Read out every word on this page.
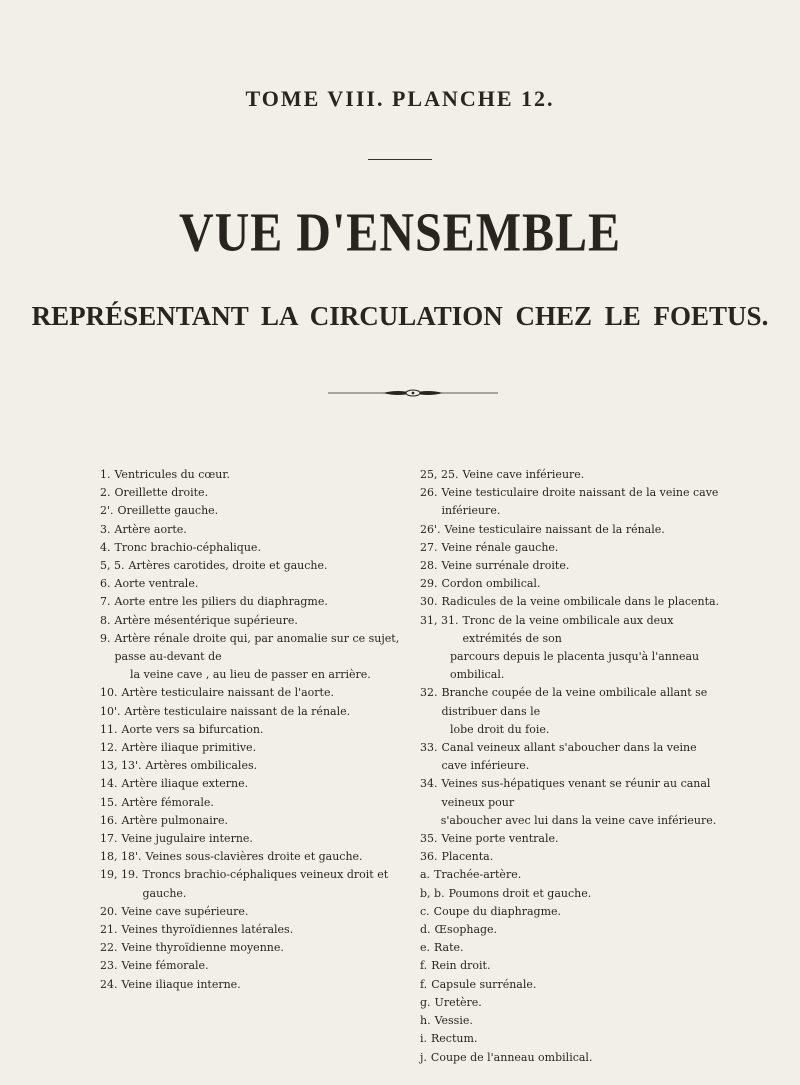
TOME VIII. PLANCHE 12.
VUE D'ENSEMBLE
REPRÉSENTANT LA CIRCULATION CHEZ LE FOETUS.
1. Ventricules du cœur.
2. Oreillette droite.
2'. Oreillette gauche.
3. Artère aorte.
4. Tronc brachio-céphalique.
5, 5. Artères carotides, droite et gauche.
6. Aorte ventrale.
7. Aorte entre les piliers du diaphragme.
8. Artère mésentérique supérieure.
9. Artère rénale droite qui, par anomalie sur ce sujet, passe au-devant de
la veine cave , au lieu de passer en arrière.
10. Artère testiculaire naissant de l'aorte.
10'. Artère testiculaire naissant de la rénale.
11. Aorte vers sa bifurcation.
12. Artère iliaque primitive.
13, 13'. Artères ombilicales.
14. Artère iliaque externe.
15. Artère fémorale.
16. Artère pulmonaire.
17. Veine jugulaire interne.
18, 18'. Veines sous-clavières droite et gauche.
19, 19. Troncs brachio-céphaliques veineux droit et gauche.
20. Veine cave supérieure.
21. Veines thyroïdiennes latérales.
22. Veine thyroïdienne moyenne.
23. Veine fémorale.
24. Veine iliaque interne.
25, 25. Veine cave inférieure.
26. Veine testiculaire droite naissant de la veine cave inférieure.
26'. Veine testiculaire naissant de la rénale.
27. Veine rénale gauche.
28. Veine surrénale droite.
29. Cordon ombilical.
30. Radicules de la veine ombilicale dans le placenta.
31, 31. Tronc de la veine ombilicale aux deux extrémités de son
parcours depuis le placenta jusqu'à l'anneau ombilical.
32. Branche coupée de la veine ombilicale allant se distribuer dans le
lobe droit du foie.
33. Canal veineux allant s'aboucher dans la veine cave inférieure.
34. Veines sus-hépatiques venant se réunir au canal veineux pour
s'aboucher avec lui dans la veine cave inférieure.
35. Veine porte ventrale.
36. Placenta.
a. Trachée-artère.
b, b. Poumons droit et gauche.
c. Coupe du diaphragme.
d. Œsophage.
e. Rate.
f. Rein droit.
f. Capsule surrénale.
g. Uretère.
h. Vessie.
i. Rectum.
j. Coupe de l'anneau ombilical.
